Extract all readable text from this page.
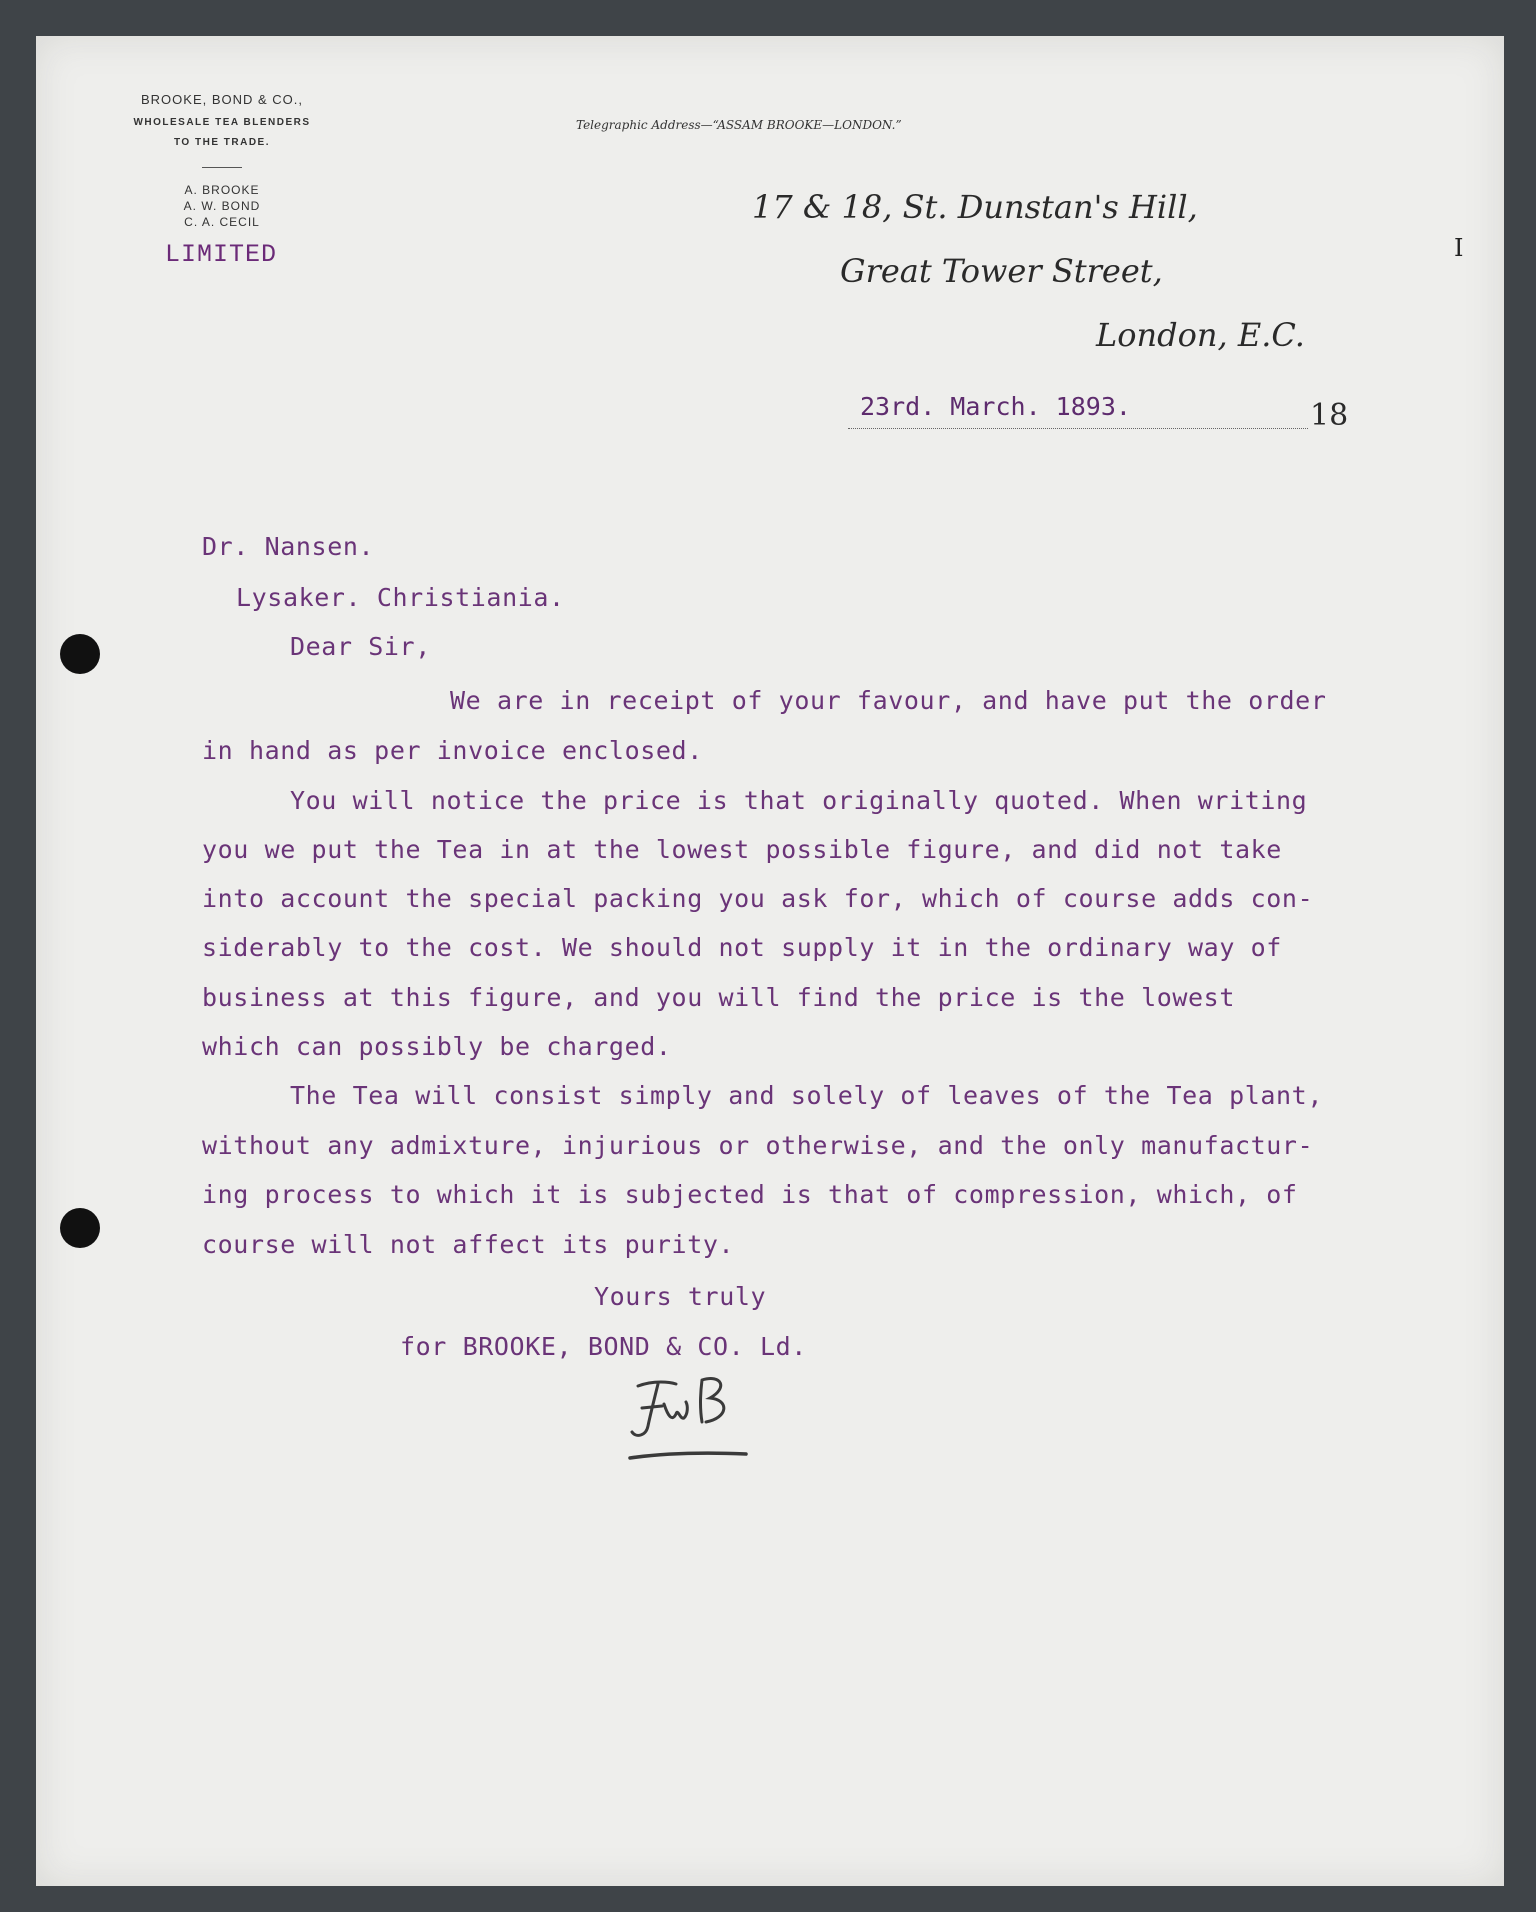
BROOKE, BOND & CO.,
WHOLESALE TEA BLENDERS
TO THE TRADE.
A. BROOKE
A. W. BOND
C. A. CECIL
LIMITED
Telegraphic Address—“ASSAM BROOKE—LONDON.”
17 & 18, St. Dunstan's Hill,
Great Tower Street,
London, E.C.
I
23rd. March. 1893.	18
Dr. Nansen.
Lysaker. Christiania.
Dear Sir,
We are in receipt of your favour, and have put the order
in hand as per invoice enclosed.
You will notice the price is that originally quoted. When writing
you we put the Tea in at the lowest possible figure, and did not take
into account the special packing you ask for, which of course adds con-
siderably to the cost. We should not supply it in the ordinary way of
business at this figure, and you will find the price is the lowest
which can possibly be charged.
The Tea will consist simply and solely of leaves of the Tea plant,
without any admixture, injurious or otherwise, and the only manufactur-
ing process to which it is subjected is that of compression, which, of
course will not affect its purity.
Yours truly
for BROOKE, BOND & CO. Ld.
